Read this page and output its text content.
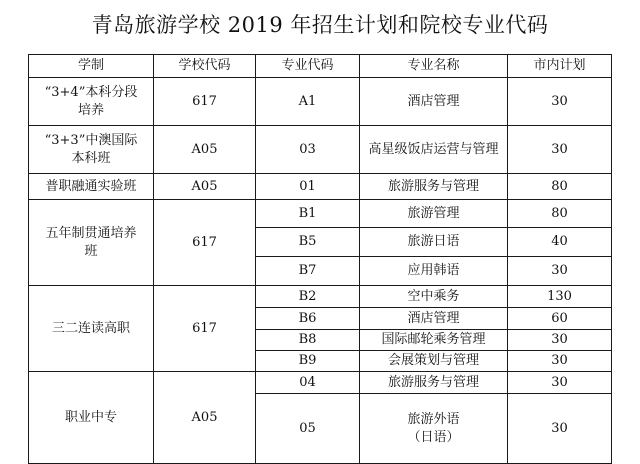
青岛旅游学校 2019 年招生计划和院校专业代码
学制	学校代码	专业代码	专业名称	市内计划

“3+4”本科分段
培养	617	A1	酒店管理	30

“3+3”中澳国际
本科班	A05	03	高星级饭店运营与管理	30
普职融通实验班	A05	01	旅游服务与管理	80

五年制贯通培养
班	617	B1	旅游管理	80
		B5	旅游日语	40
		B7	应用韩语	30
三二连读高职	617	B2	空中乘务	130
		B6	酒店管理	60
		B8	国际邮轮乘务管理	30
		B9	会展策划与管理	30
职业中专	A05	04	旅游服务与管理	30
		05	旅游外语
（日语）	30
